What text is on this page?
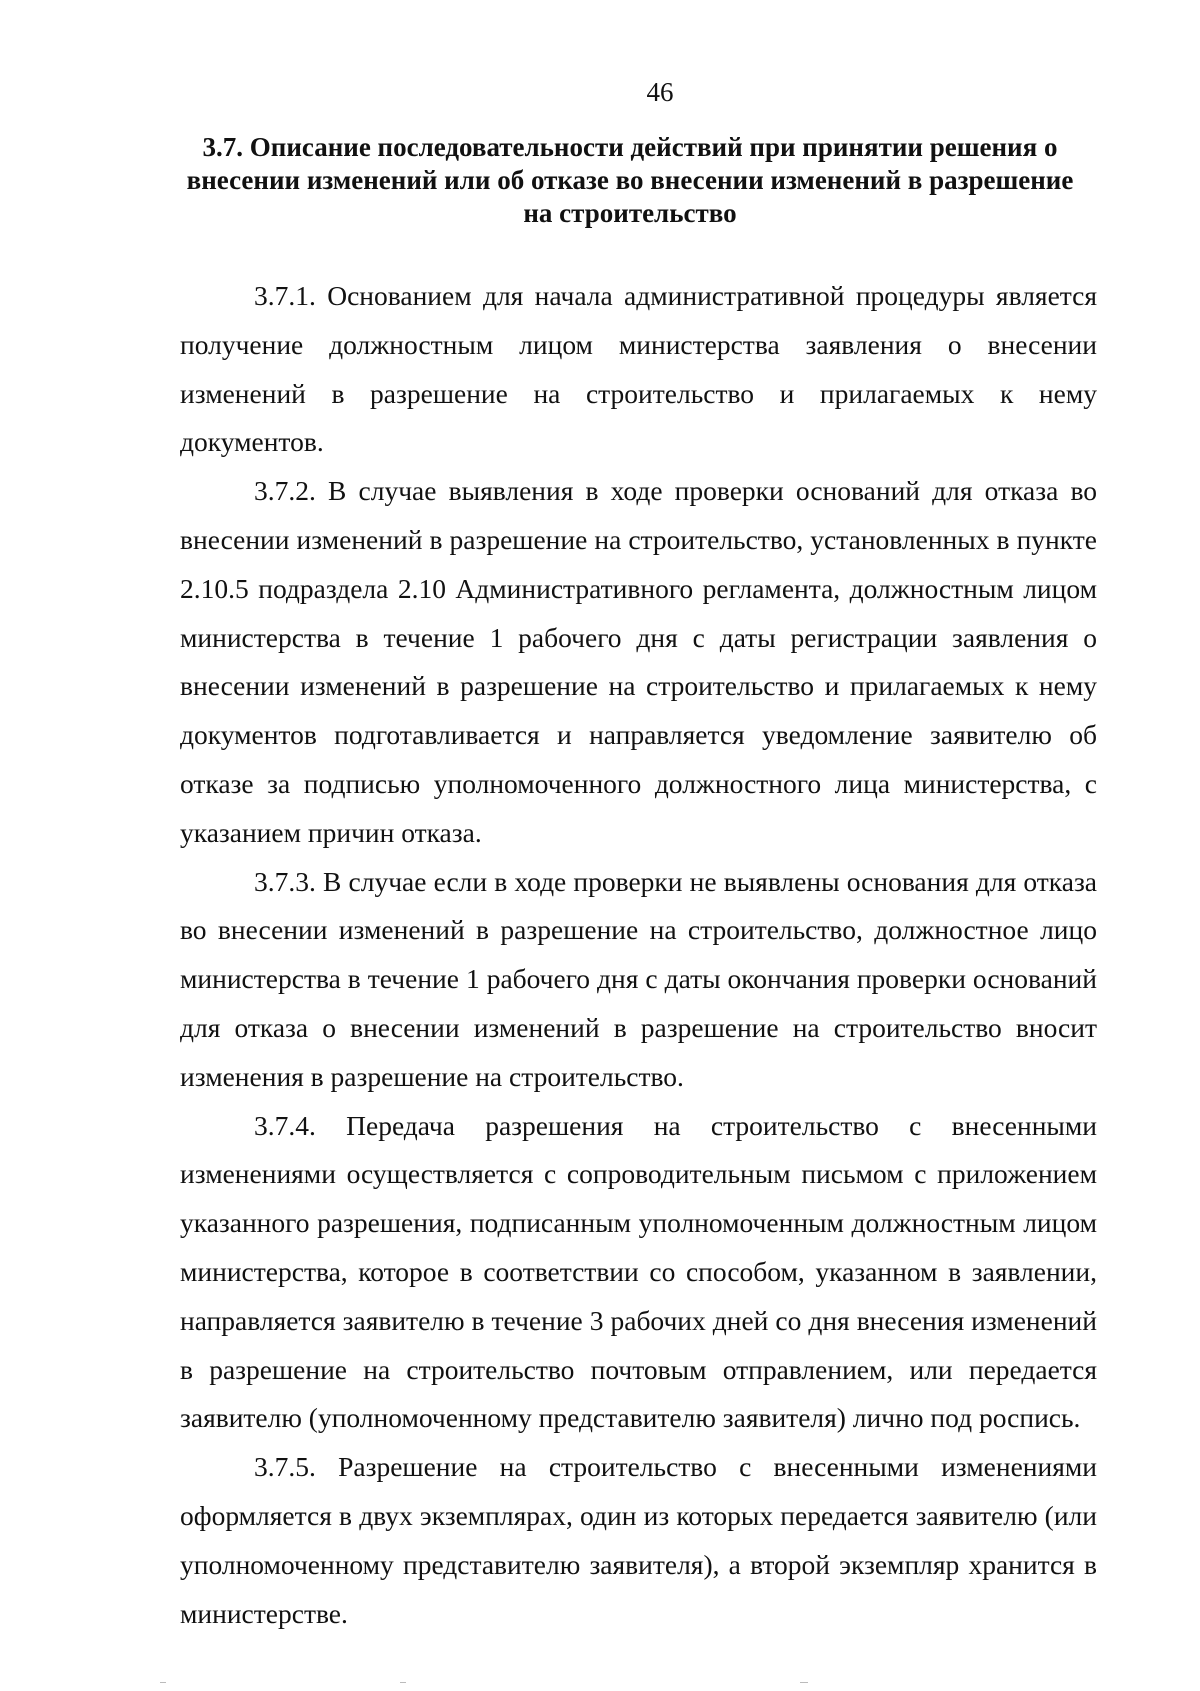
46
3.7. Описание последовательности действий при принятии решения о
внесении изменений или об отказе во внесении изменений в разрешение
на строительство

3.7.1. Основанием для начала административной процедуры является получение должностным лицом министерства заявления о внесении изменений в разрешение на строительство и прилагаемых к нему документов.

3.7.2. В случае выявления в ходе проверки оснований для отказа во внесении изменений в разрешение на строительство, установленных в пункте 2.10.5 подраздела 2.10 Административного регламента, должностным лицом министерства в течение 1 рабочего дня с даты регистрации заявления о внесении изменений в разрешение на строительство и прилагаемых к нему документов подготавливается и направляется уведомление заявителю об отказе за подписью уполномоченного должностного лица министерства, с указанием причин отказа.

3.7.3. В случае если в ходе проверки не выявлены основания для отказа во внесении изменений в разрешение на строительство, должностное лицо министерства в течение 1 рабочего дня с даты окончания проверки оснований для отказа о внесении изменений в разрешение на строительство вносит изменения в разрешение на строительство.

3.7.4. Передача разрешения на строительство с внесенными изменениями осуществляется с сопроводительным письмом с приложением указанного разрешения, подписанным уполномоченным должностным лицом министерства, которое в соответствии со способом, указанном в заявлении, направляется заявителю в течение 3 рабочих дней со дня внесения изменений в разрешение на строительство почтовым отправлением, или передается заявителю (уполномоченному представителю заявителя) лично под роспись.

3.7.5. Разрешение на строительство с внесенными изменениями оформляется в двух экземплярах, один из которых передается заявителю (или уполномоченному представителю заявителя), а второй экземпляр хранится в министерстве.
